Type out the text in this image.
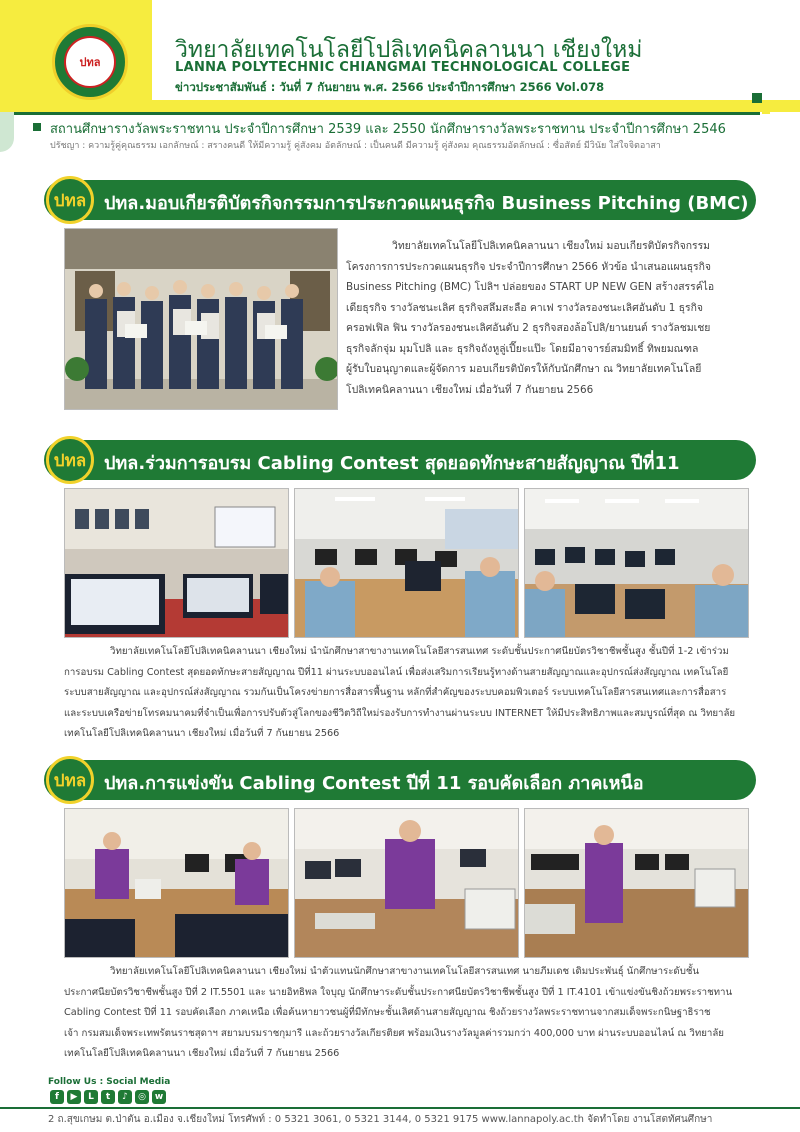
ปทล	วิทยาลัยเทคโนโลยีโปลิเทคนิคลานนา เชียงใหม่
LANNA POLYTECHNIC CHIANGMAI TECHNOLOGICAL COLLEGE
ข่าวประชาสัมพันธ์ : วันที่ 7 กันยายน พ.ศ. 2566 ประจำปีการศึกษา 2566 Vol.078
สถานศึกษารางวัลพระราชทาน ประจำปีการศึกษา 2539 และ 2550 นักศึกษารางวัลพระราชทาน ประจำปีการศึกษา 2546
ปรัชญา : ความรู้คู่คุณธรรม เอกลักษณ์ : สรางคนดี ให้มีความรู้ คู่สังคม อัตลักษณ์ : เป็นคนดี มีความรู้ คู่สังคม คุณธรรมอัตลักษณ์ : ซื่อสัตย์ มีวินัย ใส่ใจจิตอาสา
ปทล ปทล.มอบเกียรติบัตรกิจกรรมการประกวดแผนธุรกิจ Business Pitching (BMC)

วิทยาลัยเทคโนโลยีโปลิเทคนิคลานนา เชียงใหม่ มอบเกียรติบัตรกิจกรรม

โครงการการประกวดแผนธุรกิจ ประจำปีการศึกษา 2566 หัวข้อ นำเสนอแผนธุรกิจ

Business Pitching (BMC) โปลิฯ ปล่อยของ START UP NEW GEN สร้างสรรค์ไอ

เดียธุรกิจ รางวัลชนะเลิศ ธุรกิจสลึมสะลือ คาเฟ รางวัลรองชนะเลิศอันดับ 1 ธุรกิจ

ครอฟเฟิล ฟิน รางวัลรองชนะเลิศอันดับ 2 ธุรกิจสองล้อโปลิ/ยานยนต์ รางวัลชมเชย

ธุรกิจลักจุ่ม มุมโปลิ และ ธุรกิจถังหูลู่เปี๊ยะแป๊ะ โดยมีอาจารย์สมมิทธิ์ ทิพยมณฑล

ผู้รับใบอนุญาตและผู้จัดการ มอบเกียรติบัตรให้กับนักศึกษา ณ วิทยาลัยเทคโนโลยี

โปลิเทคนิคลานนา เชียงใหม่ เมื่อวันที่ 7 กันยายน 2566

ปทล ปทล.ร่วมการอบรม Cabling Contest สุดยอดทักษะสายสัญญาณ ปีที่11

วิทยาลัยเทคโนโลยีโปลิเทคนิคลานนา เชียงใหม่ นำนักศึกษาสาขางานเทคโนโลยีสารสนเทศ ระดับชั้นประกาศนียบัตรวิชาชีพชั้นสูง ชั้นปีที่ 1-2 เข้าร่วม

การอบรม Cabling Contest สุดยอดทักษะสายสัญญาณ ปีที่11 ผ่านระบบออนไลน์ เพื่อส่งเสริมการเรียนรู้ทางด้านสายสัญญาณและอุปกรณ์ส่งสัญญาณ เทคโนโลยี

ระบบสายสัญญาณ และอุปกรณ์ส่งสัญญาณ รวมกันเป็นโครงข่ายการสื่อสารพื้นฐาน หลักที่สำคัญของระบบคอมพิวเตอร์ ระบบเทคโนโลยีสารสนเทศและการสื่อสาร

และระบบเครือข่ายโทรคมนาคมที่จำเป็นเพื่อการปรับตัวสู่โลกของชีวิตวิถีใหม่รองรับการทำงานผ่านระบบ INTERNET ให้มีประสิทธิภาพและสมบูรณ์ที่สุด ณ วิทยาลัย

เทคโนโลยีโปลิเทคนิคลานนา เชียงใหม่ เมื่อวันที่ 7 กันยายน 2566

ปทล ปทล.การแข่งขัน Cabling Contest ปีที่ 11 รอบคัดเลือก ภาคเหนือ

วิทยาลัยเทคโนโลยีโปลิเทคนิคลานนา เชียงใหม่ นำตัวแทนนักศึกษาสาขางานเทคโนโลยีสารสนเทศ นายภีมเดช เดิมประพันธุ์ นักศึกษาระดับชั้น

ประกาศนียบัตรวิชาชีพชั้นสูง ปีที่ 2 IT.5501 และ นายอิทธิพล ใจบุญ นักศึกษาระดับชั้นประกาศนียบัตรวิชาชีพชั้นสูง ปีที่ 1 IT.4101 เข้าแข่งขันชิงถ้วยพระราชทาน

Cabling Contest ปีที่ 11 รอบคัดเลือก ภาคเหนือ เพื่อค้นหายาวชนผู้ที่มีทักษะชั้นเลิศด้านสายสัญญาณ ชิงถ้วยรางวัลพระราชทานจากสมเด็จพระกนิษฐาธิราช

เจ้า กรมสมเด็จพระเทพรัตนราชสุดาฯ สยามบรมราชกุมารี และถ้วยรางวัลเกียรติยศ พร้อมเงินรางวัลมูลค่ารวมกว่า 400,000 บาท ผ่านระบบออนไลน์ ณ วิทยาลัย

เทคโนโลยีโปลิเทคนิคลานนา เชียงใหม่ เมื่อวันที่ 7 กันยายน 2566

Follow Us : Social Media
f	▶	L	t	♪	◎ w
2 ถ.สุขเกษม ต.ป่าตัน อ.เมือง จ.เชียงใหม่ โทรศัพท์ : 0 5321 3061, 0 5321 3144, 0 5321 9175 www.lannapoly.ac.th จัดทำโดย งานโสตทัศนศึกษา
